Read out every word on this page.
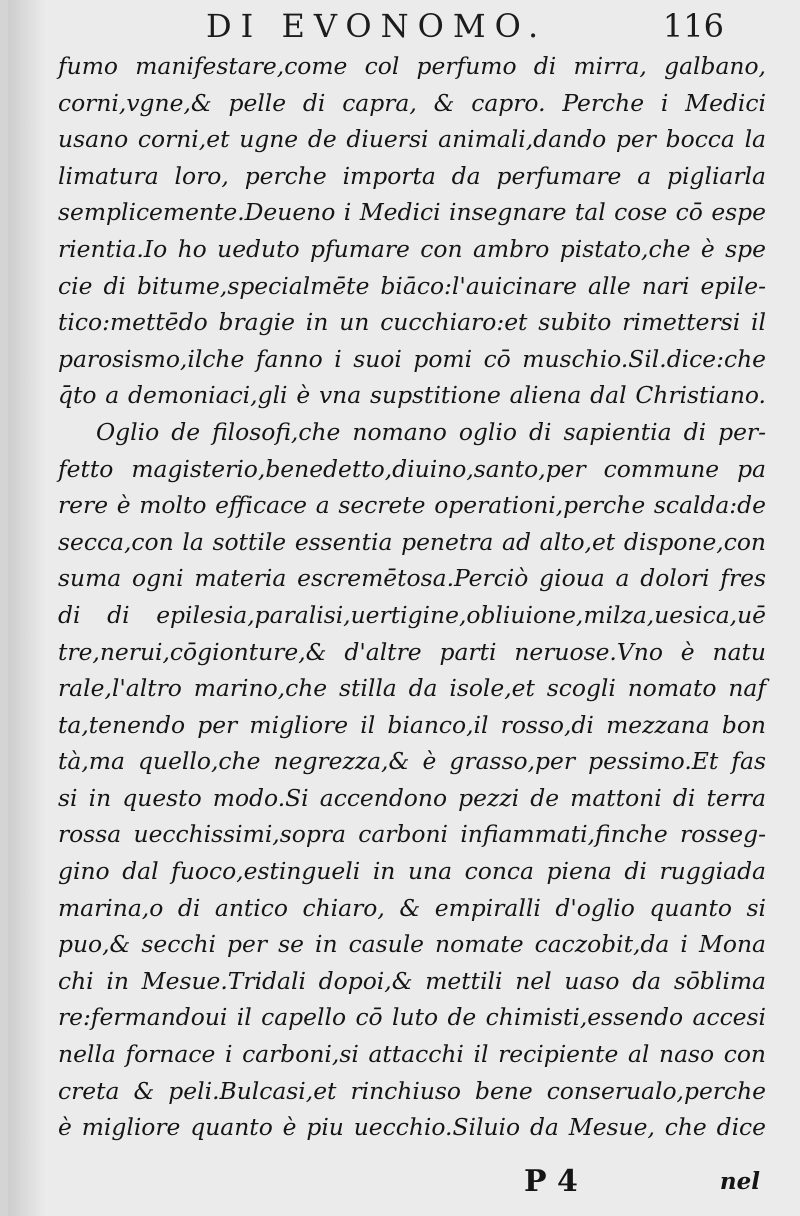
DI EVONOMO.	116
fumo manifestare,come col perfumo di mirra, galbano,
corni,vgne,& pelle di capra, & capro. Perche i Medici
usano corni,et ugne de diuersi animali,dando per bocca la
limatura loro, perche importa da perfumare a pigliarla
semplicemente.Deueno i Medici insegnare tal cose cō espe
rientia.Io ho ueduto pfumare con ambro pistato,che è spe
cie di bitume,specialmēte biāco:l'auicinare alle nari epile-
tico:mettēdo bragie in un cucchiaro:et subito rimettersi il
parosismo,ilche fanno i suoi pomi cō muschio.Sil.dice:che
q̄to a demoniaci,gli è vna supstitione aliena dal Christiano.
Oglio de filosofi,che nomano oglio di sapientia di per-
fetto magisterio,benedetto,diuino,santo,per commune pa
rere è molto efficace a secrete operationi,perche scalda:de
secca,con la sottile essentia penetra ad alto,et dispone,con
suma ogni materia escremētosa.Perciò gioua a dolori fres
di di epilesia,paralisi,uertigine,obliuione,milza,uesica,uē
tre,nerui,cōgionture,& d'altre parti neruose.Vno è natu
rale,l'altro marino,che stilla da isole,et scogli nomato naf
ta,tenendo per migliore il bianco,il rosso,di mezzana bon
tà,ma quello,che negrezza,& è grasso,per pessimo.Et fas
si in questo modo.Si accendono pezzi de mattoni di terra
rossa uecchissimi,sopra carboni infiammati,finche rosseg-
gino dal fuoco,estingueli in una conca piena di ruggiada
marina,o di antico chiaro, & empiralli d'oglio quanto si
puo,& secchi per se in casule nomate caczobit,da i Mona
chi in Mesue.Tridali dopoi,& mettili nel uaso da sōblima
re:fermandoui il capello cō luto de chimisti,essendo accesi
nella fornace i carboni,si attacchi il recipiente al naso con
creta & peli.Bulcasi,et rinchiuso bene conserualo,perche
è migliore quanto è piu uecchio.Siluio da Mesue, che dice
P 4	nel
